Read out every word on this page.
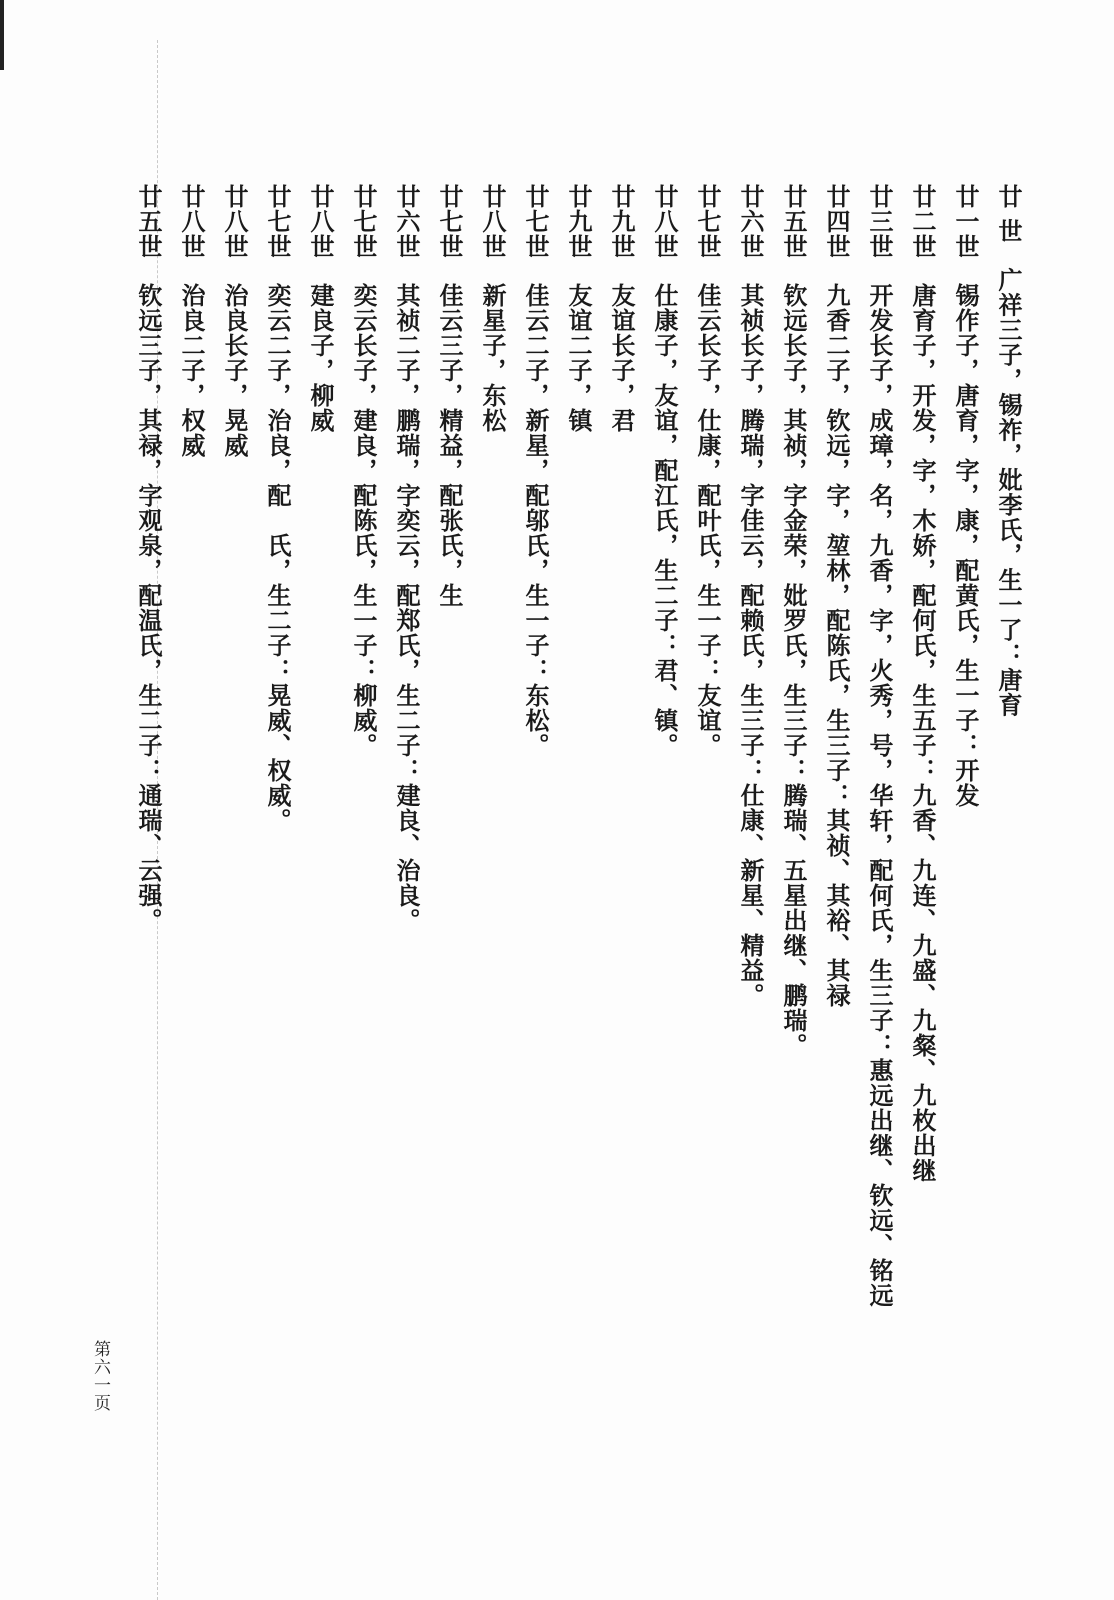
廿 世广祥三子，锡祚，妣李氏，生一了：唐育
廿一世锡作子，唐育，字，康，配黄氏，生一子：开发
廿二世唐育子，开发，字，木娇，配何氏，生五子：九香、九连、九盛、九粲、九枚出继
廿三世开发长子，成璋，名，九香，字，火秀，号，华轩，配何氏，生三子：惠远出继、钦远、铭远
廿四世九香二子，钦远，字，堃林，配陈氏，生三子：其祯、其裕、其禄
廿五世钦远长子，其祯，字金荣，妣罗氏，生三子：腾瑞、五星出继、鹏瑞。
廿六世其祯长子，腾瑞，字佳云，配赖氏，生三子：仕康、新星、精益。
廿七世佳云长子，仕康，配叶氏，生一子：友谊。
廿八世仕康子，友谊，配江氏，生二子：君、镇。
廿九世友谊长子，君
廿九世友谊二子，镇
廿七世佳云二子，新星，配邬氏，生一子：东松。
廿八世新星子，东松
廿七世佳云三子，精益，配张氏，生
廿六世其祯二子，鹏瑞，字奕云，配郑氏，生二子：建良、治良。
廿七世奕云长子，建良，配陈氏，生一子：柳威。
廿八世建良子，柳威
廿七世奕云二子，治良，配　氏，生二子：晃威、权威。
廿八世治良长子，晃威
廿八世治良二子，权威
廿五世钦远三子，其禄，字观泉，配温氏，生二子：通瑞、云强。
第六一页
